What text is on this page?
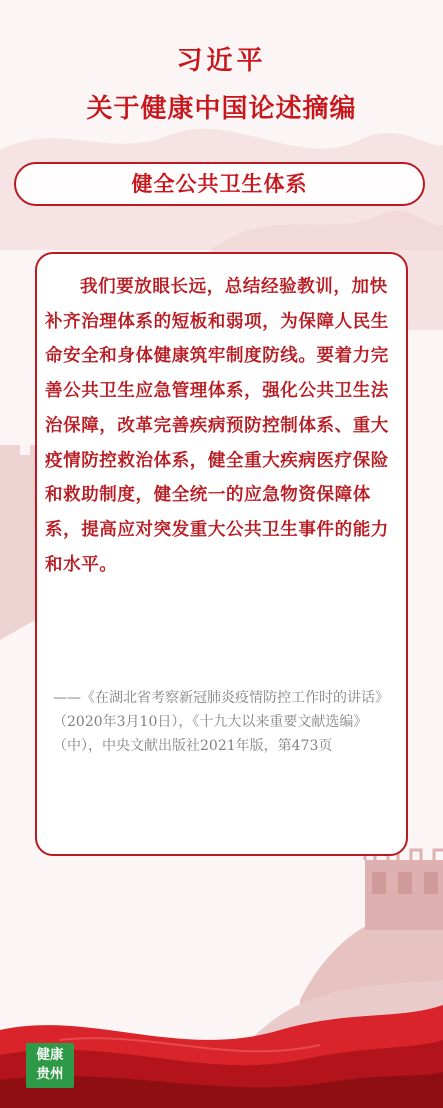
习近平
关于健康中国论述摘编
健全公共卫生体系

我们要放眼长远，总结经验教训，加快补齐治理体系的短板和弱项，为保障人民生命安全和身体健康筑牢制度防线。要着力完善公共卫生应急管理体系，强化公共卫生法治保障，改革完善疾病预防控制体系、重大疫情防控救治体系，健全重大疾病医疗保险和救助制度，健全统一的应急物资保障体系，提高应对突发重大公共卫生事件的能力和水平。

——《在湖北省考察新冠肺炎疫情防控工作时的讲话》（2020年3月10日），《十九大以来重要文献选编》（中），中央文献出版社2021年版，第473页

健康
贵州
